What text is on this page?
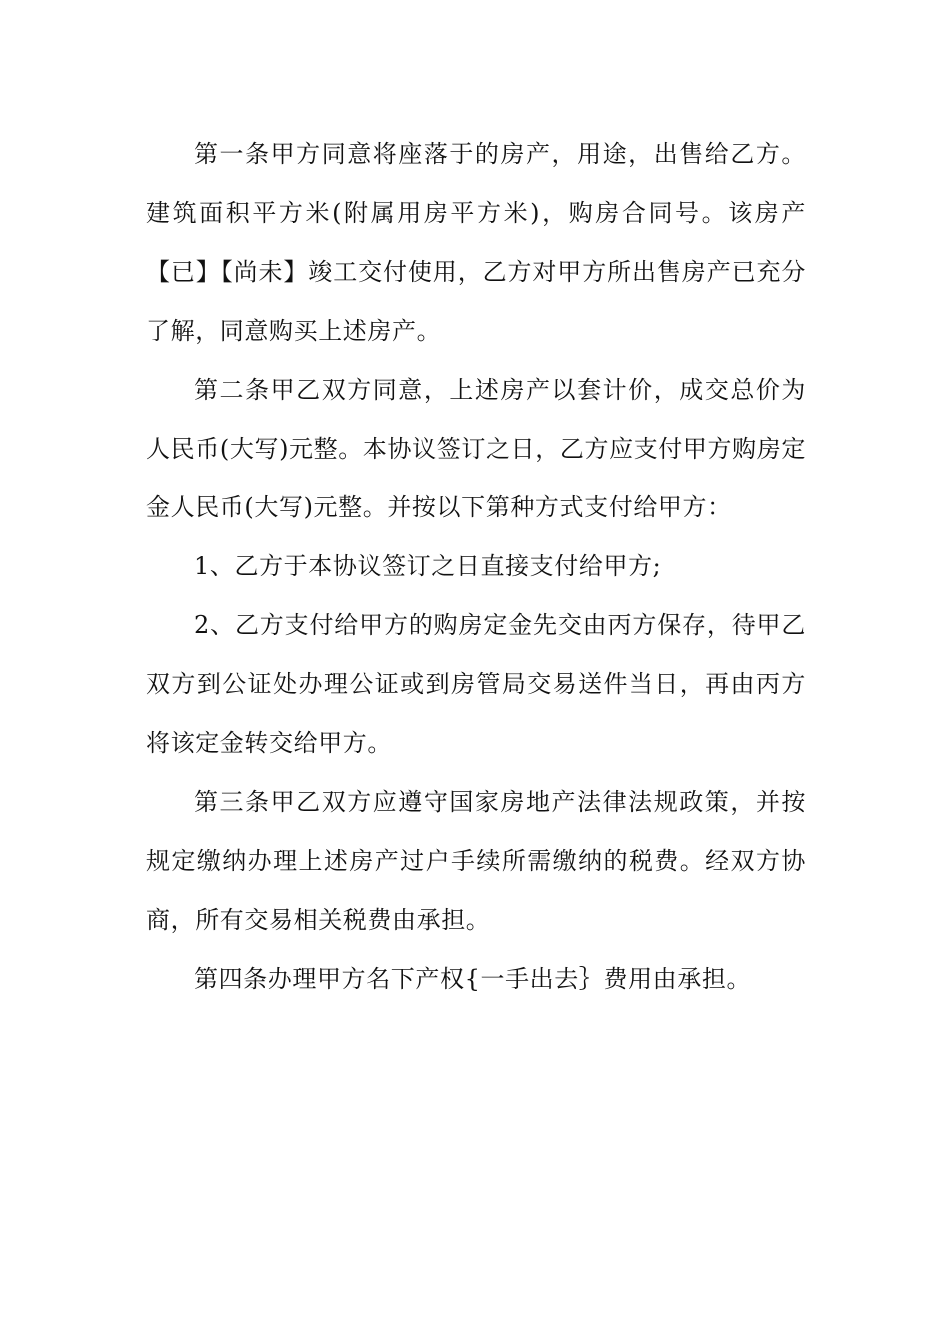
第一条甲方同意将座落于的房产，用途，出售给乙方。建筑面积平方米(附属用房平方米)，购房合同号。该房产【已】【尚未】竣工交付使用，乙方对甲方所出售房产已充分了解，同意购买上述房产。

第二条甲乙双方同意，上述房产以套计价，成交总价为人民币(大写)元整。本协议签订之日，乙方应支付甲方购房定金人民币(大写)元整。并按以下第种方式支付给甲方：

1、乙方于本协议签订之日直接支付给甲方;

2、乙方支付给甲方的购房定金先交由丙方保存，待甲乙双方到公证处办理公证或到房管局交易送件当日，再由丙方将该定金转交给甲方。

第三条甲乙双方应遵守国家房地产法律法规政策，并按规定缴纳办理上述房产过户手续所需缴纳的税费。经双方协商，所有交易相关税费由承担。

第四条办理甲方名下产权{一手出去｝费用由承担。
